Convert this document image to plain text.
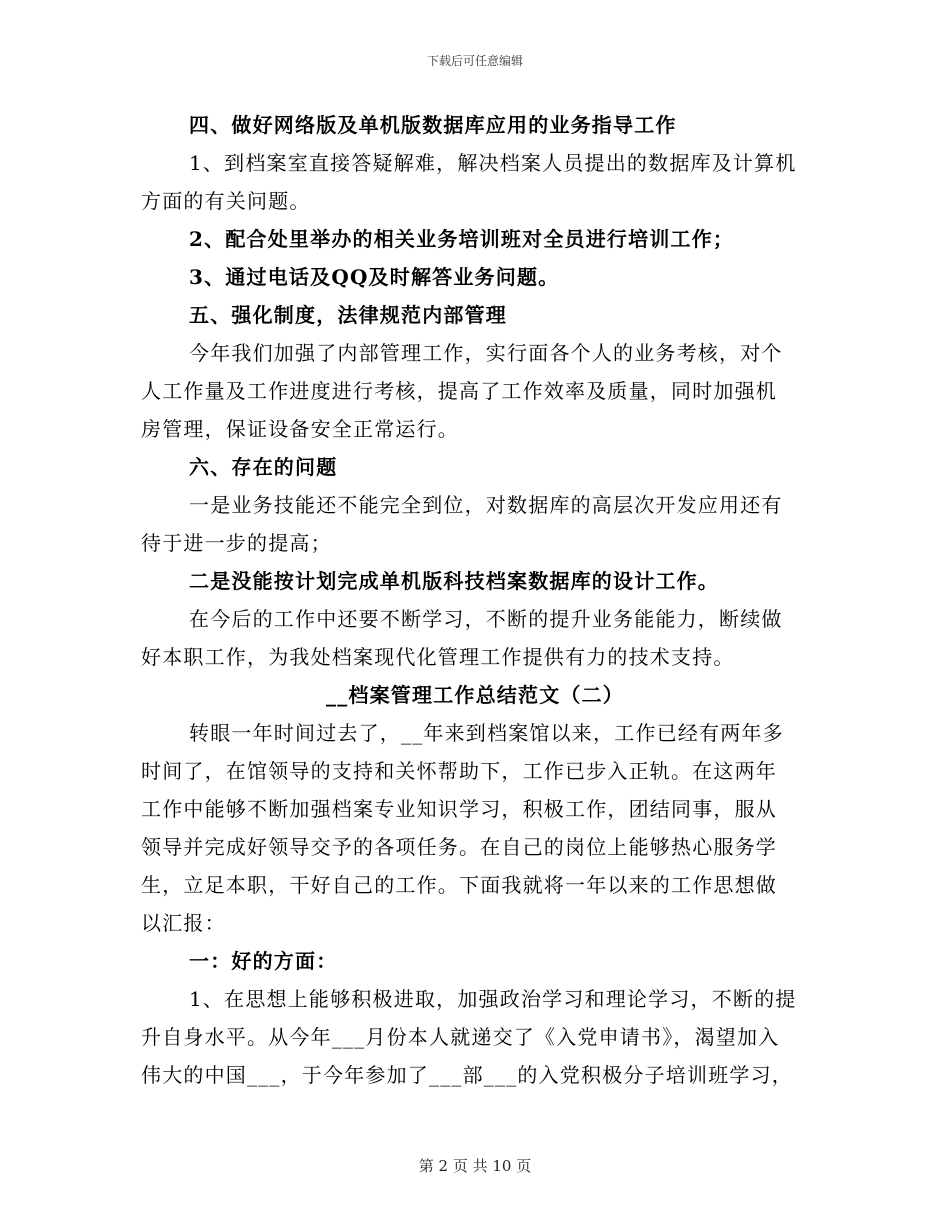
下载后可任意编辑
四、做好网络版及单机版数据库应用的业务指导工作
1、到档案室直接答疑解难，解决档案人员提出的数据库及计算机
方面的有关问题。
2、配合处里举办的相关业务培训班对全员进行培训工作；
3、通过电话及QQ及时解答业务问题。
五、强化制度，法律规范内部管理
今年我们加强了内部管理工作，实行面各个人的业务考核，对个
人工作量及工作进度进行考核，提高了工作效率及质量，同时加强机
房管理，保证设备安全正常运行。
六、存在的问题
一是业务技能还不能完全到位，对数据库的高层次开发应用还有
待于进一步的提高；
二是没能按计划完成单机版科技档案数据库的设计工作。
在今后的工作中还要不断学习，不断的提升业务能能力，断续做
好本职工作，为我处档案现代化管理工作提供有力的技术支持。
__档案管理工作总结范文（二）
转眼一年时间过去了，__年来到档案馆以来，工作已经有两年多
时间了，在馆领导的支持和关怀帮助下，工作已步入正轨。在这两年
工作中能够不断加强档案专业知识学习，积极工作，团结同事，服从
领导并完成好领导交予的各项任务。在自己的岗位上能够热心服务学
生，立足本职，干好自己的工作。下面我就将一年以来的工作思想做
以汇报：
一：好的方面：
1、在思想上能够积极进取，加强政治学习和理论学习，不断的提
升自身水平。从今年___月份本人就递交了《入党申请书》，渴望加入
伟大的中国___，于今年参加了___部___的入党积极分子培训班学习，
第 2 页 共 10 页
